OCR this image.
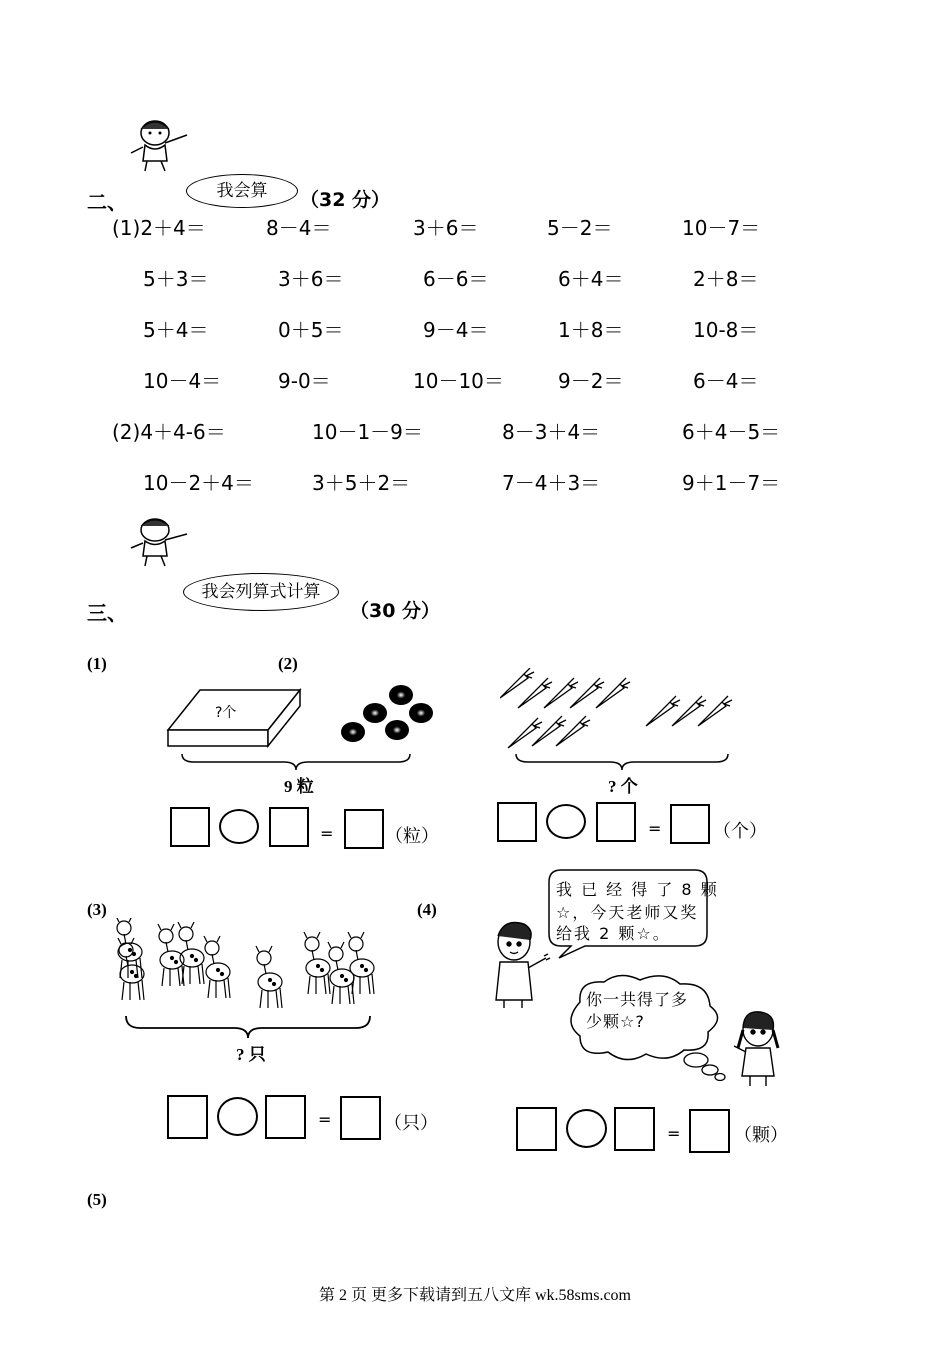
二、	我会算	（32 分）
(1)2＋4＝	8－4＝	3＋6＝	5－2＝	10－7＝
5＋3＝	3＋6＝	6－6＝	6＋4＝	2＋8＝
5＋4＝	0＋5＝	9－4＝	1＋8＝	10-8＝
10－4＝	9-0＝	10－10＝	9－2＝	6－4＝
(2)4＋4-6＝	10－1－9＝	8－3＋4＝	6＋4－5＝
10－2＋4＝	3＋5＋2＝	7－4＋3＝	9＋1－7＝
三、
我会列算式计算
（30 分）
(1)	(2)
?个
9 粒
=	（粒）
? 个
=	（个）
(3)	(4)
? 只
=	（只）
我 已 经 得 了 8 颗
☆，今天老师又奖
给我 2 颗☆。
你一共得了多
少颗☆?
=	（颗）
(5)
第 2 页 更多下载请到五八文库 wk.58sms.com
